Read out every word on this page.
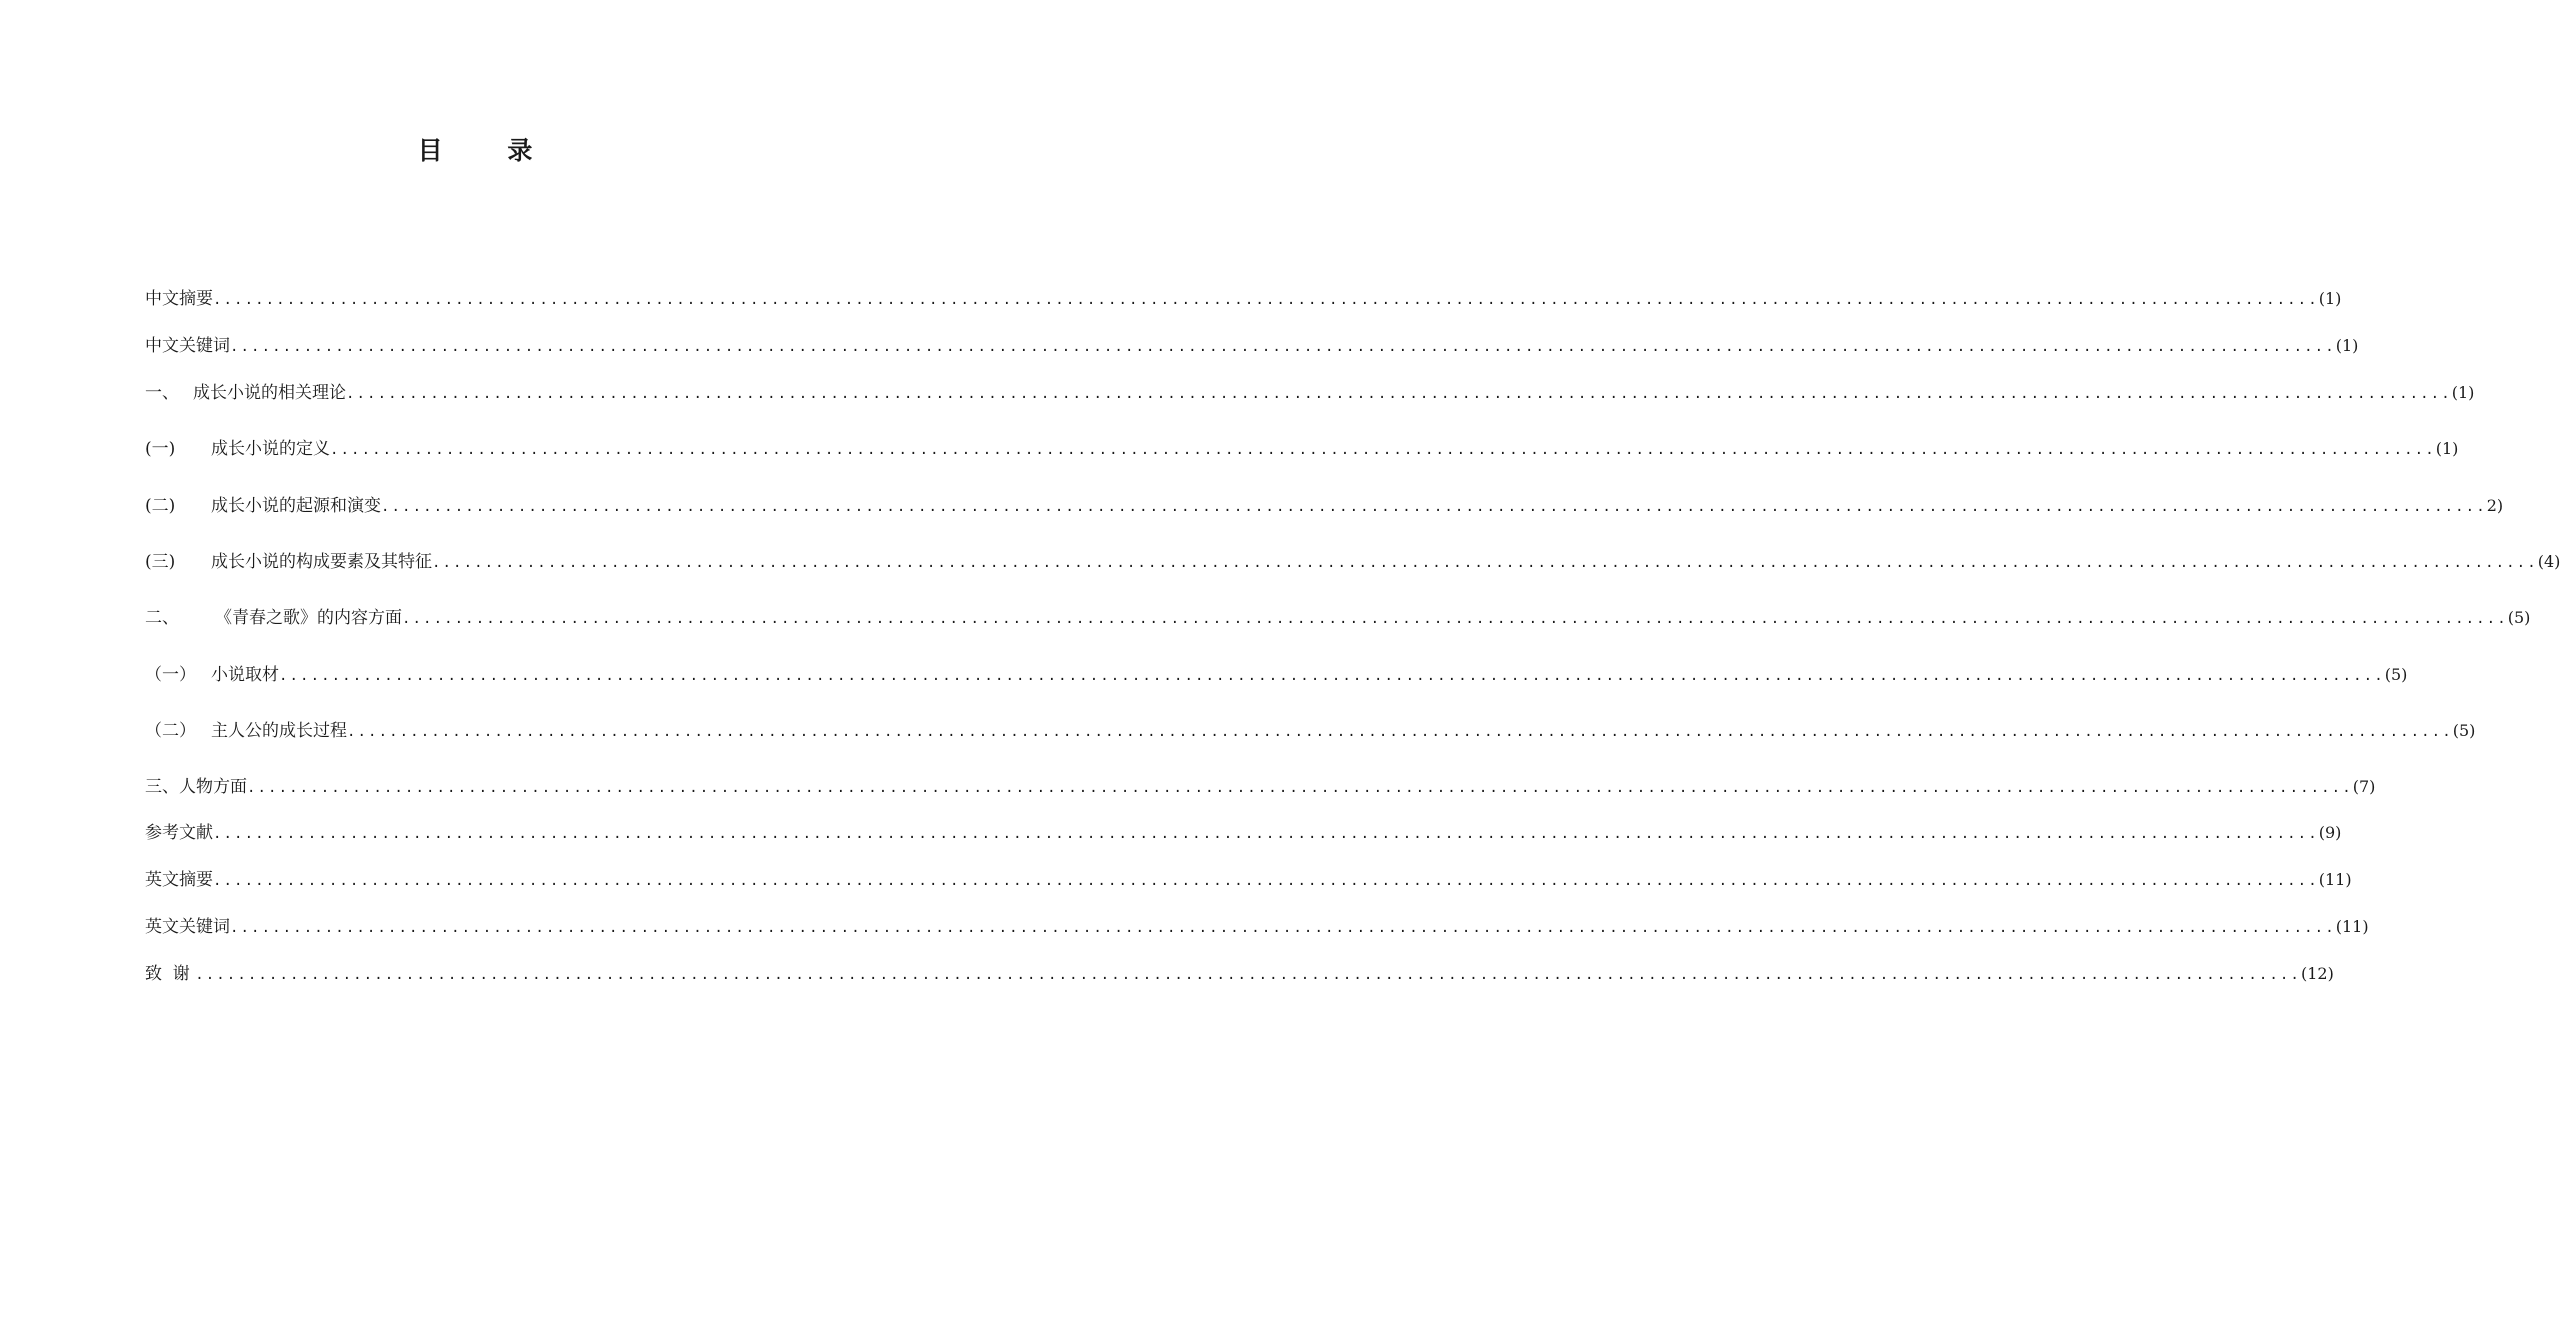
目 录
中文摘要 ........................................................................................................................................................................................................ (1)
中文关键词 ........................................................................................................................................................................................................ (1)
一、 成长小说的相关理论 ........................................................................................................................................................................................................ (1)
(一)	成长小说的定义 ........................................................................................................................................................................................................ (1)
(二)	成长小说的起源和演变 ........................................................................................................................................................................................................ 2)
(三)	成长小说的构成要素及其特征 ........................................................................................................................................................................................................ (4)
二、	《青春之歌》的内容方面 ........................................................................................................................................................................................................ (5)
（一） 小说取材 ........................................................................................................................................................................................................ (5)
（二） 主人公的成长过程 ........................................................................................................................................................................................................ (5)
三、人物方面 ........................................................................................................................................................................................................ (7)
参考文献 ........................................................................................................................................................................................................ (9)
英文摘要 ........................................................................................................................................................................................................ (11)
英文关键词 ........................................................................................................................................................................................................ (11)
致  谢 ........................................................................................................................................................................................................ (12)
